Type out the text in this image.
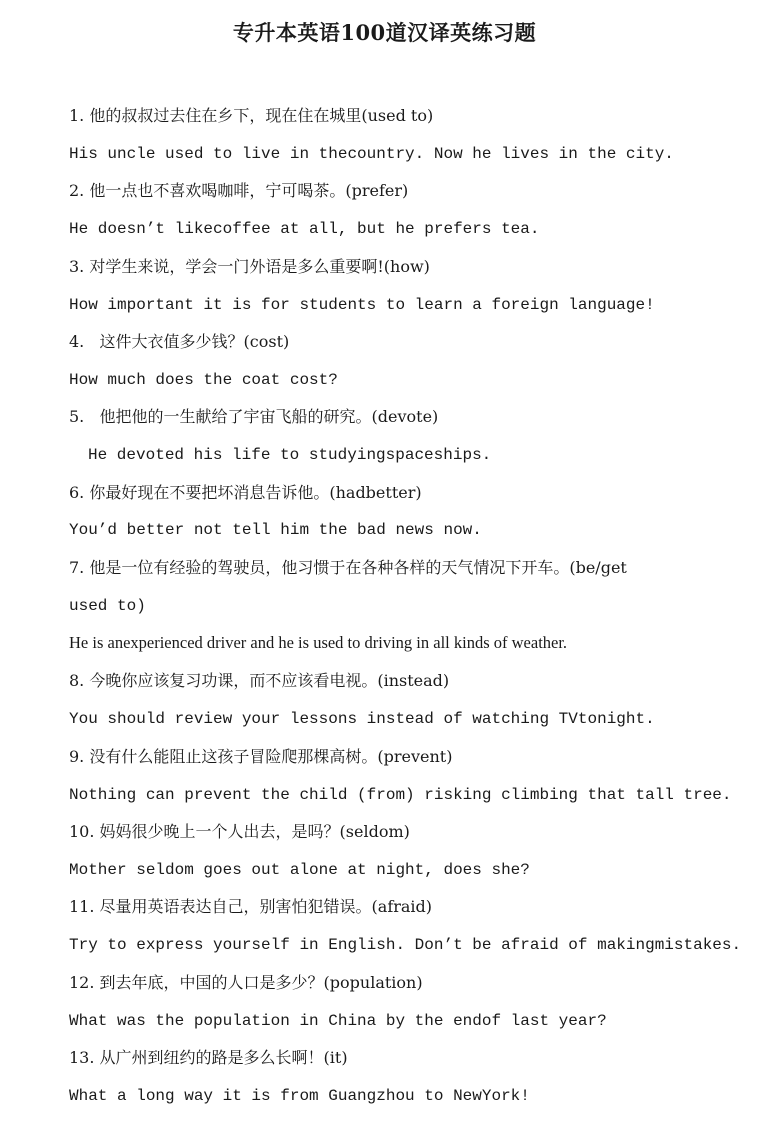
专升本英语100道汉译英练习题
1. 他的叔叔过去住在乡下，现在住在城里(used to)
His uncle used to live in thecountry. Now he lives in the city.
2. 他一点也不喜欢喝咖啡，宁可喝茶。(prefer)
He doesn’t likecoffee at all, but he prefers tea.
3. 对学生来说，学会一门外语是多么重要啊!(how)
How important it is for students to learn a foreign language!
4.   这件大衣值多少钱？(cost)
How much does the coat cost?
5.   他把他的一生献给了宇宙飞船的研究。(devote)
He devoted his life to studyingspaceships.
6. 你最好现在不要把坏消息告诉他。(hadbetter)
You’d better not tell him the bad news now.
7. 他是一位有经验的驾驶员，他习惯于在各种各样的天气情况下开车。(be/get
used to)
He is anexperienced driver and he is used to driving in all kinds of weather.
8. 今晚你应该复习功课，而不应该看电视。(instead)
You should review your lessons instead of watching TVtonight.
9. 没有什么能阻止这孩子冒险爬那棵高树。(prevent)
Nothing can prevent the child (from) risking climbing that tall tree.
10. 妈妈很少晚上一个人出去，是吗？(seldom)
Mother seldom goes out alone at night, does she?
11. 尽量用英语表达自己，别害怕犯错误。(afraid)
Try to express yourself in English. Don’t be afraid of makingmistakes.
12. 到去年底，中国的人口是多少？(population)
What was the population in China by the endof last year?
13. 从广州到纽约的路是多么长啊！(it)
What a long way it is from Guangzhou to NewYork!
